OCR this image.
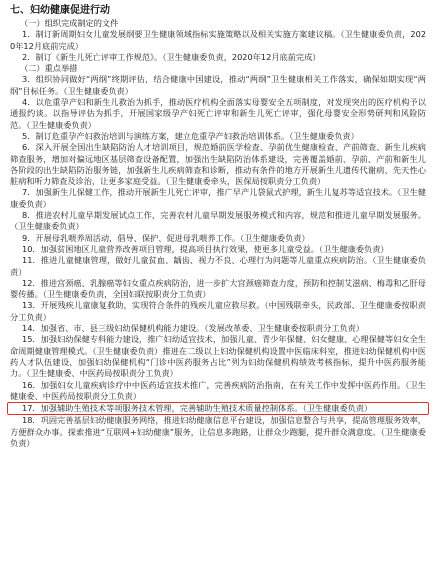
七、妇幼健康促进行动
（一）组织完成制定的文件

1．制订新周期妇女儿童发展纲要卫生健康领域指标实施策略以及相关实施方案建议稿。（卫生健康委负责，2020年12月底前完成）

2．制订《新生儿死亡评审工作规范》。（卫生健康委负责，2020年12月底前完成）

（二）重点举措

3．组织协同做好“两纲”终期评估，结合健康中国建设，推动“两纲”卫生健康相关工作落实，确保如期实现“两纲”目标任务。（卫生健康委负责）

4．以危重孕产妇和新生儿救治为抓手，推动医疗机构全面落实母婴安全五项制度，对发现突出的医疗机构予以通报约谈。以指导评估为抓手，开展国家级孕产妇死亡评审和新生儿死亡评审，强化母婴安全形势研判和风险防范。（卫生健康委负责）

5．制订危重孕产妇救治培训与演练方案，建立危重孕产妇救治培训体系。（卫生健康委负责）

6．深入开展全国出生缺陷防治人才培训项目，规范婚前医学检查、孕前优生健康检查、产前筛查、新生儿疾病筛查服务，增加对偏远地区基层筛查设备配置，加强出生缺陷防治体系建设，完善覆盖婚前、孕前、产前和新生儿各阶段的出生缺陷防治服务链，加强新生儿疾病筛查和诊断，推动有条件的地方开展新生儿遗传代谢病、先天性心脏病和听力筛查及诊治，让更多家庭受益。（卫生健康委牵头，医保局按职责分工负责）

7．加强新生儿保健工作，推动开展新生儿死亡评审，推广早产儿袋鼠式护理，新生儿复苏等适宜技术。（卫生健康委负责）

8．推进农村儿童早期发展试点工作，完善农村儿童早期发展服务模式和内容，规范和推进儿童早期发展服务。（卫生健康委负责）

9．开展母乳喂养周活动，倡导、保护、促进母乳喂养工作。（卫生健康委负责）

10．加强贫困地区儿童营养改善项目管理，提高项目执行效果，使更多儿童受益。（卫生健康委负责）

11．推进儿童健康管理，做好儿童贫血、龋齿、视力不良、心理行为问题等儿童重点疾病防治。（卫生健康委负责）

12．推进宫颈癌、乳腺癌等妇女重点疾病防治，进一步扩大宫颈癌筛查力度，预防和控制艾滋病、梅毒和乙肝母婴传播。（卫生健康委负责，全国妇联按职责分工负责）

13．开展残疾儿童康复救助，实现符合条件的残疾儿童应救尽救。（中国残联牵头，民政部、卫生健康委按职责分工负责）

14．加强省、市、县三级妇幼保健机构能力建设。（发展改革委、卫生健康委按职责分工负责）

15．加强妇幼保健专科能力建设，推广妇幼适宜技术，加强儿童、青少年保健、妇女健康、心理保健等妇女全生命周期健康管理模式。（卫生健康委负责）推进在二级以上妇幼保健机构设置中医临床科室，推进妇幼保健机构中医药人才队伍建设，加强妇幼保健机构“门诊中医药服务占比”列为妇幼保健机构绩效考核指标，提升中医药服务能力。（卫生健康委、中医药局按职责分工负责）

16．加强妇女儿童疾病诊疗中中医药适宜技术推广，完善疾病防治指南，在有关工作中发挥中医药作用。（卫生健康委、中医药局按职责分工负责）

17．加强辅助生殖技术等项服务技术管理，完善辅助生殖技术质量控制体系。（卫生健康委负责）

18．巩固完善基层妇幼健康服务网络，推进妇幼健康信息平台建设，加强信息整合与共享，提高管理服务效率，方便群众办事。探索推进“互联网+妇幼健康”服务，让信息多跑路，让群众少跑腿，提升群众满意度。（卫生健康委负责）
